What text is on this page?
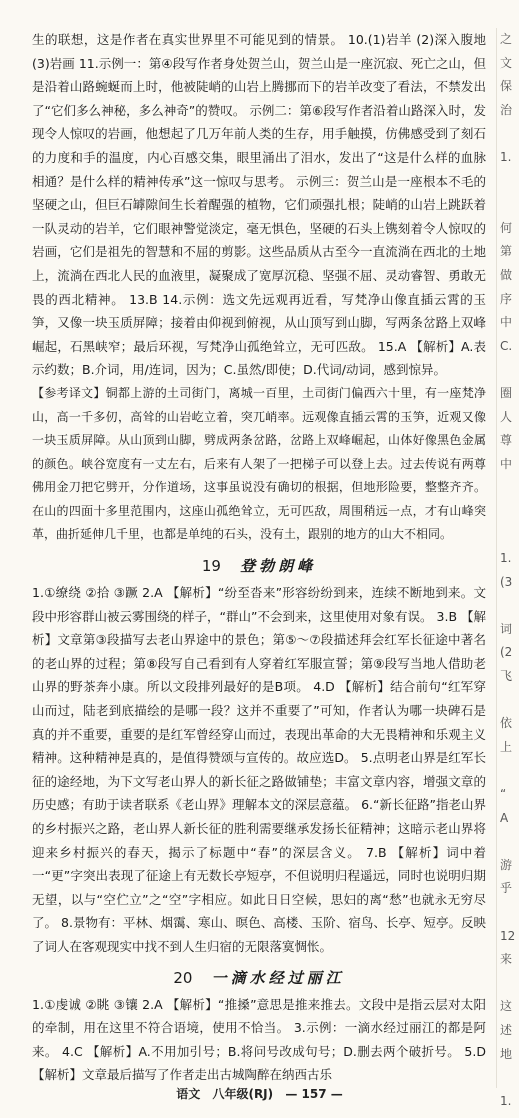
生的联想，这是作者在真实世界里不可能见到的情景。 10.(1)岩羊 (2)深入腹地 (3)岩画 11.示例一：第④段写作者身处贺兰山，贺兰山是一座沉寂、死亡之山，但是沿着山路蜿蜒而上时，他被陡峭的山岩上腾挪而下的岩羊改变了看法，不禁发出了“它们多么神秘，多么神奇”的赞叹。 示例二：第⑥段写作者沿着山路深入时，发现令人惊叹的岩画，他想起了几万年前人类的生存，用手触摸，仿佛感受到了刻石的力度和手的温度，内心百感交集，眼里涌出了泪水，发出了“这是什么样的血脉相通？是什么样的精神传承”这一惊叹与思考。 示例三：贺兰山是一座根本不毛的坚硬之山，但巨石罅隙间生长着醒强的植物，它们顽强扎根；陡峭的山岩上跳跃着一队灵动的岩羊，它们眼神警觉淡定，毫无惧色，坚硬的石头上镌刻着令人惊叹的岩画，它们是祖先的智慧和不屈的剪影。这些品质从古至今一直流淌在西北的土地上，流淌在西北人民的血液里，凝聚成了宽厚沉稳、坚强不屈、灵动睿智、勇敢无畏的西北精神。 13.B 14.示例：选文先远观再近看，写梵净山像直插云霄的玉笋，又像一块玉质屏障；接着由仰视到俯视，从山顶写到山脚，写两条岔路上双峰崛起，石黑峡窄；最后环视，写梵净山孤绝耸立，无可匹敌。 15.A 【解析】A.表示约数；B.介词，用/连词，因为；C.虽然/即使；D.代词/动词，感到惊异。

【参考译文】铜都上游的土司街门，离城一百里，土司街门偏西六十里，有一座梵净山，高一千多仞，高耸的山岩屹立着，突兀峭率。远观像直插云霄的玉笋，近观又像一块玉质屏障。从山顶到山脚，劈成两条岔路，岔路上双峰崛起，山体好像黑色金属的颜色。峡谷宽度有一丈左右，后来有人架了一把梯子可以登上去。过去传说有两尊佛用金刀把它劈开，分作道场，这事虽说没有确切的根据，但地形险要，整整齐齐。在山的四面十多里范围内，这座山孤绝耸立，无可匹敌，周围稍远一点，才有山峰突革，曲折延伸几千里，也都是单纯的石头，没有土，跟别的地方的山大不相同。

19 登勃朗峰

1.①缭绕 ②拾 ③蹶 2.A 【解析】“纷至沓来”形容纷纷到来，连续不断地到来。文段中形容群山被云雾围绕的样子，“群山”不会到来，这里使用对象有误。 3.B 【解析】文章第③段描写去老山界途中的景色；第⑤～⑦段描述拜会红军长征途中著名的老山界的过程；第⑧段写自己看到有人穿着红军服宣誓；第⑨段写当地人借助老山界的野茶奔小康。所以文段排列最好的是B项。 4.D 【解析】结合前句“红军穿山而过，陆老到底描绘的是哪一段？这并不重要了”可知，作者认为哪一块碑石是真的并不重要，重要的是红军曾经穿山而过，表现出革命的大无畏精神和乐观主义精神。这种精神是真的，是值得赞颂与宣传的。故应选D。 5.点明老山界是红军长征的途经地，为下文写老山界人的新长征之路做铺垫；丰富文章内容，增强文章的历史感；有助于读者联系《老山界》理解本文的深层意蕴。 6.“新长征路”指老山界的乡村振兴之路，老山界人新长征的胜利需要继承发扬长征精神；这暗示老山界将迎来乡村振兴的春天，揭示了标题中“春”的深层含义。 7.B 【解析】词中着一“更”字突出表现了征途上有无数长亭短亭，不但说明归程遥远，同时也说明归期无望，以与“空伫立”之“空”字相应。如此日日空候，思妇的离“愁”也就永无穷尽了。 8.景物有：平林、烟霭、寒山、暝色、高楼、玉阶、宿鸟、长亭、短亭。反映了词人在客观现实中找不到人生归宿的无限落寞惆怅。

20 一滴水经过丽江

1.①虔诚 ②眺 ③镶 2.A 【解析】“推搡”意思是推来推去。文段中是指云层对太阳的牵制，用在这里不符合语境，使用不恰当。 3.示例：一滴水经过丽江的都是阿来。 4.C 【解析】A.不用加引号；B.将问号改成句号；D.删去两个破折号。 5.D 【解析】文章最后描写了作者走出古城陶醉在纳西古乐

之
文
保
治

1.

何
第
做
序
中
C.

圈
人
尊
中

1.
(3

词
(2
飞

依
上

“
A

游
乎

12
来

这
述
地

1.
语文 八年级(RJ) — 157 —
